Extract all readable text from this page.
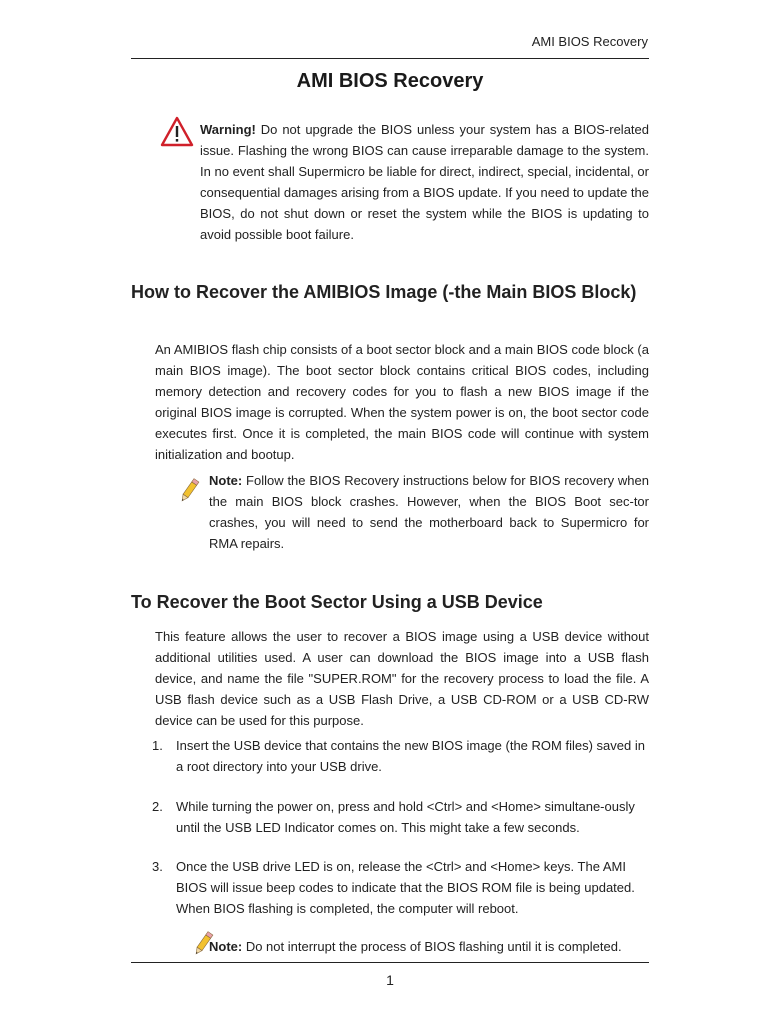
AMI BIOS Recovery
AMI BIOS Recovery

Warning! Do not upgrade the BIOS unless your system has a BIOS-related issue. Flashing the wrong BIOS can cause irreparable damage to the system. In no event shall Supermicro be liable for direct, indirect, special, incidental, or consequential damages arising from a BIOS update. If you need to update the BIOS, do not shut down or reset the system while the BIOS is updating to avoid possible boot failure.

How to Recover the AMIBIOS Image (-the Main BIOS Block)

An AMIBIOS flash chip consists of a boot sector block and a main BIOS code block (a main BIOS image). The boot sector block contains critical BIOS codes, including memory detection and recovery codes for you to flash a new BIOS image if the original BIOS image is corrupted. When the system power is on, the boot sector code executes first. Once it is completed, the main BIOS code will continue with system initialization and bootup.

Note: Follow the BIOS Recovery instructions below for BIOS recovery when the main BIOS block crashes. However, when the BIOS Boot sec-tor crashes, you will need to send the motherboard back to Supermicro for RMA repairs.

To Recover the Boot Sector Using a USB Device

This feature allows the user to recover a BIOS image using a USB device without additional utilities used. A user can download the BIOS image into a USB flash device, and name the file "SUPER.ROM" for the recovery process to load the file. A USB flash device such as a USB Flash Drive, a USB CD-ROM or a USB CD-RW device can be used for this purpose.

1. Insert the USB device that contains the new BIOS image (the ROM files) saved in a root directory into your USB drive.

2. While turning the power on, press and hold <Ctrl> and <Home> simultane-ously until the USB LED Indicator comes on. This might take a few seconds.

3. Once the USB drive LED is on, release the <Ctrl> and <Home> keys. The AMI BIOS will issue beep codes to indicate that the BIOS ROM file is being updated. When BIOS flashing is completed, the computer will reboot.

Note: Do not interrupt the process of BIOS flashing until it is completed.

1
